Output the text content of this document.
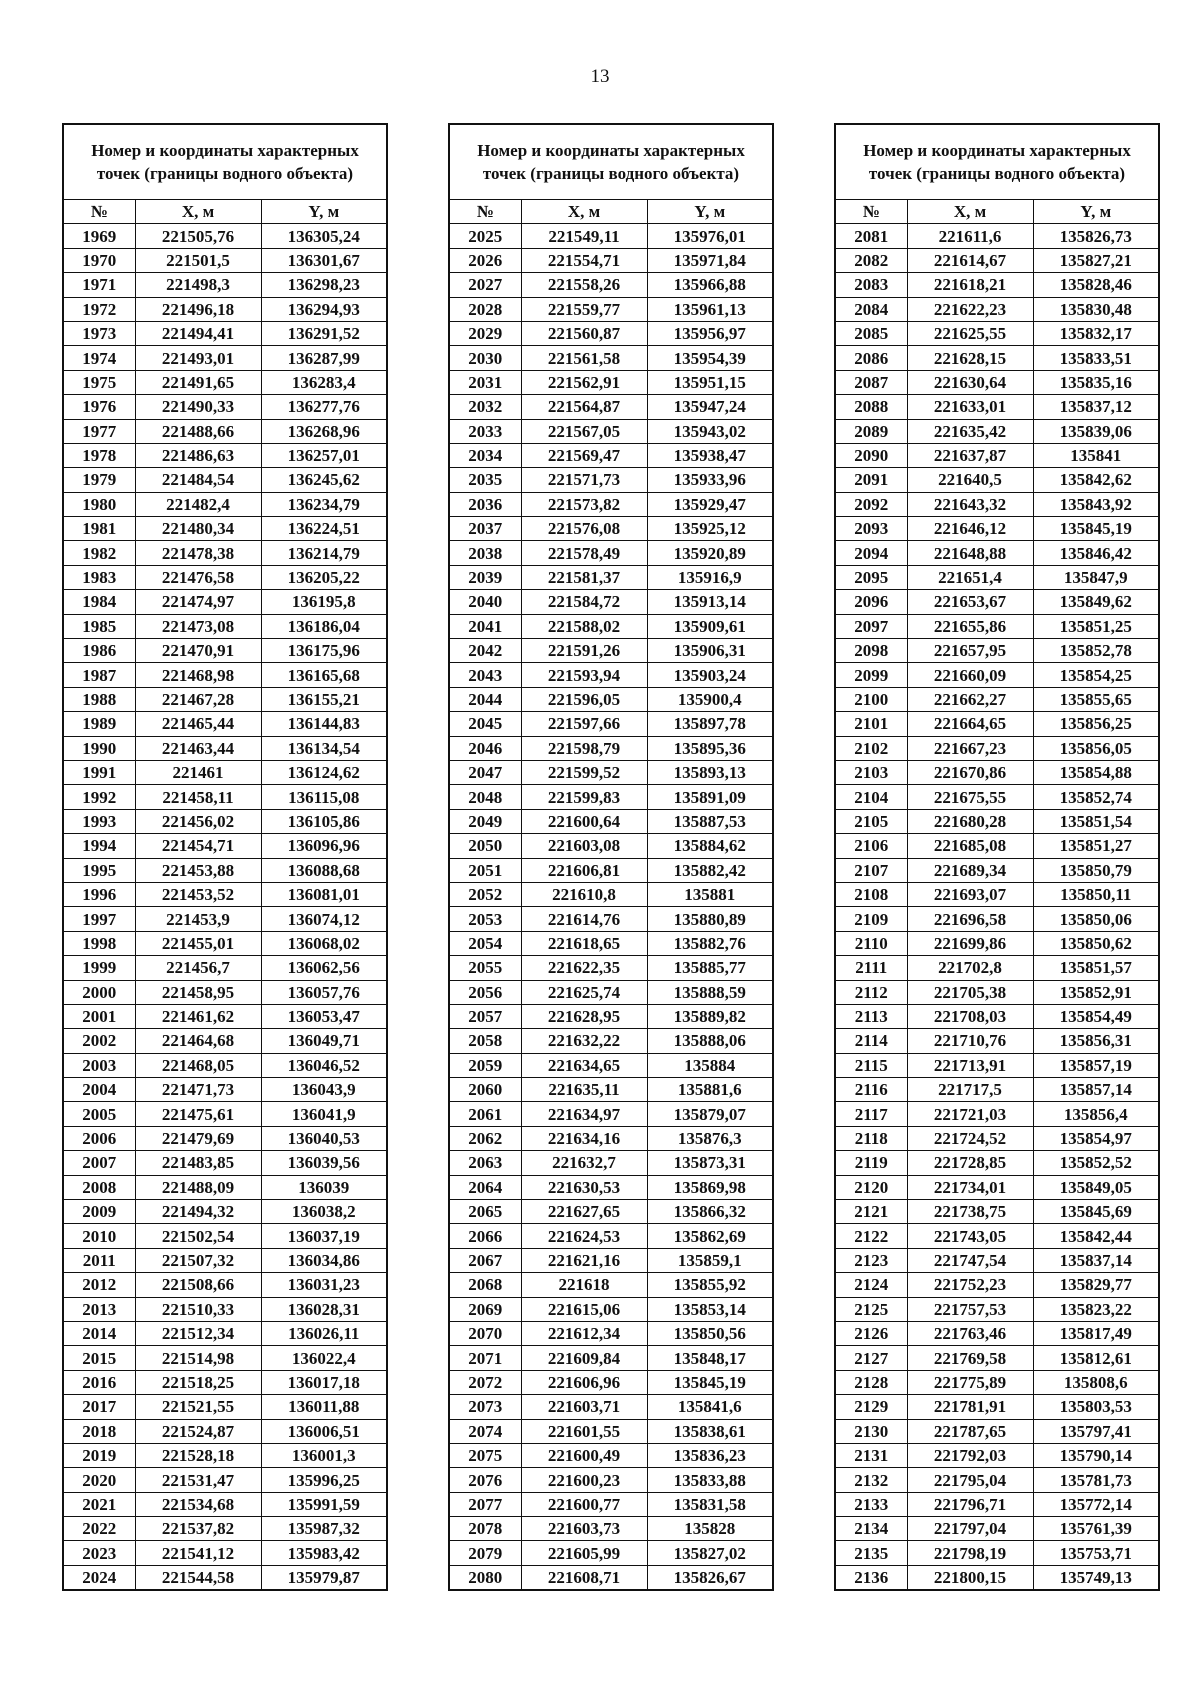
13
Номер и координаты характерных точек (границы водного объекта)		
№	X, м	Y, м
1969	221505,76	136305,24
1970	221501,5	136301,67
1971	221498,3	136298,23
1972	221496,18	136294,93
1973	221494,41	136291,52
1974	221493,01	136287,99
1975	221491,65	136283,4
1976	221490,33	136277,76
1977	221488,66	136268,96
1978	221486,63	136257,01
1979	221484,54	136245,62
1980	221482,4	136234,79
1981	221480,34	136224,51
1982	221478,38	136214,79
1983	221476,58	136205,22
1984	221474,97	136195,8
1985	221473,08	136186,04
1986	221470,91	136175,96
1987	221468,98	136165,68
1988	221467,28	136155,21
1989	221465,44	136144,83
1990	221463,44	136134,54
1991	221461	136124,62
1992	221458,11	136115,08
1993	221456,02	136105,86
1994	221454,71	136096,96
1995	221453,88	136088,68
1996	221453,52	136081,01
1997	221453,9	136074,12
1998	221455,01	136068,02
1999	221456,7	136062,56
2000	221458,95	136057,76
2001	221461,62	136053,47
2002	221464,68	136049,71
2003	221468,05	136046,52
2004	221471,73	136043,9
2005	221475,61	136041,9
2006	221479,69	136040,53
2007	221483,85	136039,56
2008	221488,09	136039
2009	221494,32	136038,2
2010	221502,54	136037,19
2011	221507,32	136034,86
2012	221508,66	136031,23
2013	221510,33	136028,31
2014	221512,34	136026,11
2015	221514,98	136022,4
2016	221518,25	136017,18
2017	221521,55	136011,88
2018	221524,87	136006,51
2019	221528,18	136001,3
2020	221531,47	135996,25
2021	221534,68	135991,59
2022	221537,82	135987,32
2023	221541,12	135983,42
2024	221544,58	135979,87
Номер и координаты характерных точек (границы водного объекта)		
№	X, м	Y, м
2025	221549,11	135976,01
2026	221554,71	135971,84
2027	221558,26	135966,88
2028	221559,77	135961,13
2029	221560,87	135956,97
2030	221561,58	135954,39
2031	221562,91	135951,15
2032	221564,87	135947,24
2033	221567,05	135943,02
2034	221569,47	135938,47
2035	221571,73	135933,96
2036	221573,82	135929,47
2037	221576,08	135925,12
2038	221578,49	135920,89
2039	221581,37	135916,9
2040	221584,72	135913,14
2041	221588,02	135909,61
2042	221591,26	135906,31
2043	221593,94	135903,24
2044	221596,05	135900,4
2045	221597,66	135897,78
2046	221598,79	135895,36
2047	221599,52	135893,13
2048	221599,83	135891,09
2049	221600,64	135887,53
2050	221603,08	135884,62
2051	221606,81	135882,42
2052	221610,8	135881
2053	221614,76	135880,89
2054	221618,65	135882,76
2055	221622,35	135885,77
2056	221625,74	135888,59
2057	221628,95	135889,82
2058	221632,22	135888,06
2059	221634,65	135884
2060	221635,11	135881,6
2061	221634,97	135879,07
2062	221634,16	135876,3
2063	221632,7	135873,31
2064	221630,53	135869,98
2065	221627,65	135866,32
2066	221624,53	135862,69
2067	221621,16	135859,1
2068	221618	135855,92
2069	221615,06	135853,14
2070	221612,34	135850,56
2071	221609,84	135848,17
2072	221606,96	135845,19
2073	221603,71	135841,6
2074	221601,55	135838,61
2075	221600,49	135836,23
2076	221600,23	135833,88
2077	221600,77	135831,58
2078	221603,73	135828
2079	221605,99	135827,02
2080	221608,71	135826,67
Номер и координаты характерных точек (границы водного объекта)		
№	X, м	Y, м
2081	221611,6	135826,73
2082	221614,67	135827,21
2083	221618,21	135828,46
2084	221622,23	135830,48
2085	221625,55	135832,17
2086	221628,15	135833,51
2087	221630,64	135835,16
2088	221633,01	135837,12
2089	221635,42	135839,06
2090	221637,87	135841
2091	221640,5	135842,62
2092	221643,32	135843,92
2093	221646,12	135845,19
2094	221648,88	135846,42
2095	221651,4	135847,9
2096	221653,67	135849,62
2097	221655,86	135851,25
2098	221657,95	135852,78
2099	221660,09	135854,25
2100	221662,27	135855,65
2101	221664,65	135856,25
2102	221667,23	135856,05
2103	221670,86	135854,88
2104	221675,55	135852,74
2105	221680,28	135851,54
2106	221685,08	135851,27
2107	221689,34	135850,79
2108	221693,07	135850,11
2109	221696,58	135850,06
2110	221699,86	135850,62
2111	221702,8	135851,57
2112	221705,38	135852,91
2113	221708,03	135854,49
2114	221710,76	135856,31
2115	221713,91	135857,19
2116	221717,5	135857,14
2117	221721,03	135856,4
2118	221724,52	135854,97
2119	221728,85	135852,52
2120	221734,01	135849,05
2121	221738,75	135845,69
2122	221743,05	135842,44
2123	221747,54	135837,14
2124	221752,23	135829,77
2125	221757,53	135823,22
2126	221763,46	135817,49
2127	221769,58	135812,61
2128	221775,89	135808,6
2129	221781,91	135803,53
2130	221787,65	135797,41
2131	221792,03	135790,14
2132	221795,04	135781,73
2133	221796,71	135772,14
2134	221797,04	135761,39
2135	221798,19	135753,71
2136	221800,15	135749,13
